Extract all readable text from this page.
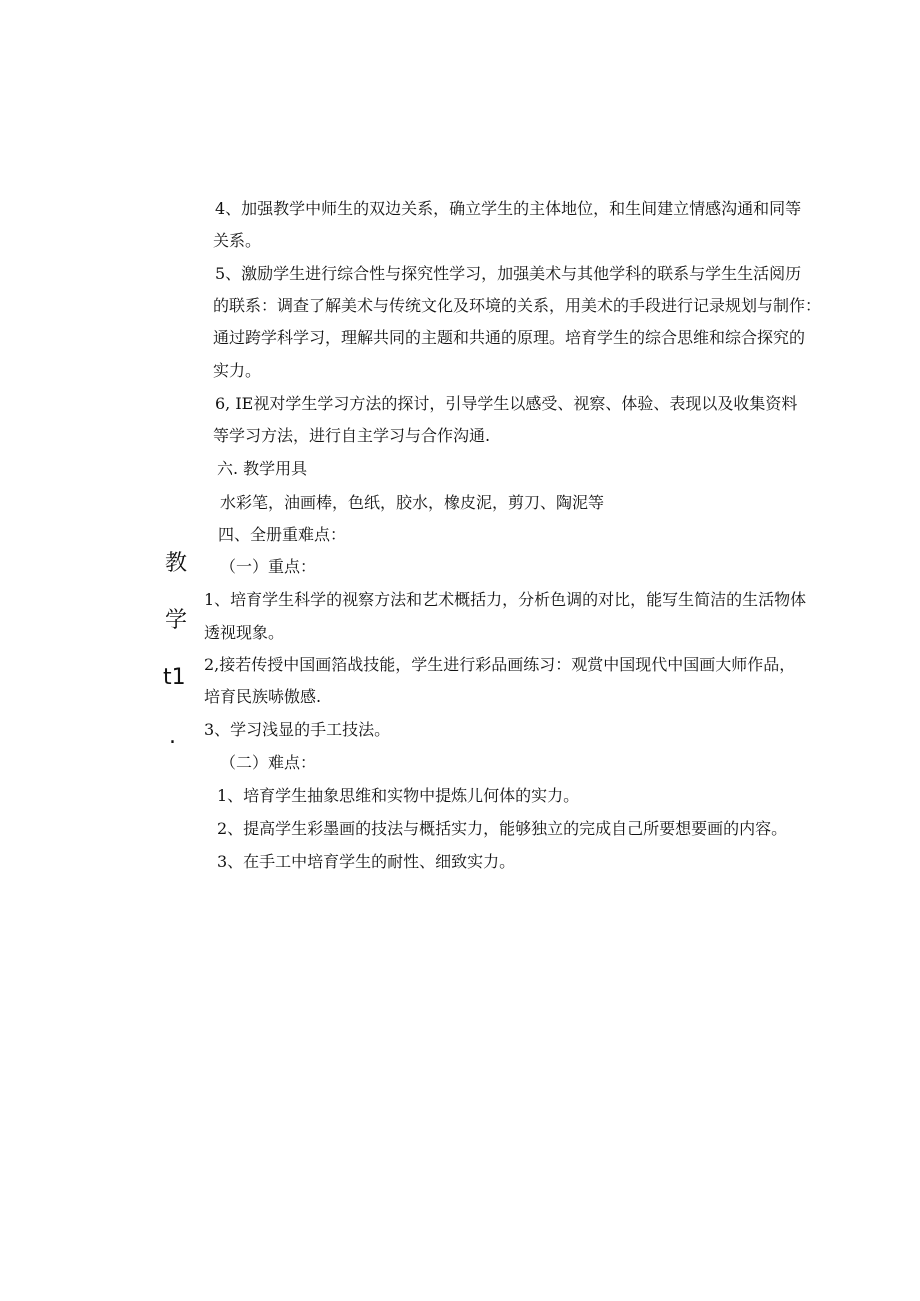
4、加强教学中师生的双边关系，确立学生的主体地位，和生间建立情感沟通和同等
关系。
5、激励学生进行综合性与探究性学习，加强美术与其他学科的联系与学生生活阅历
的联系：调查了解美术与传统文化及环境的关系，用美术的手段进行记录规划与制作：
通过跨学科学习，理解共同的主题和共通的原理。培育学生的综合思维和综合探究的
实力。
6, IE视对学生学习方法的探讨，引导学生以感受、视察、体验、表现以及收集资料
等学习方法，进行自主学习与合作沟通.
六. 教学用具
水彩笔，油画棒，色纸，胶水，橡皮泥，剪刀、陶泥等
四、全册重难点：
（一）重点：
1、培育学生科学的视察方法和艺术概括力，分析色调的对比，能写生简洁的生活物体
透视现象。
2,接若传授中国画箔战技能，学生进行彩品画练习：观赏中国现代中国画大师作品，
培育民族哧傲感.
3、学习浅显的手工技法。
（二）难点：
1、培育学生抽象思维和实物中提炼儿何体的实力。
2、提高学生彩墨画的技法与概括实力，能够独立的完成自己所要想要画的内容。
3、在手工中培育学生的耐性、细致实力。
教
学
t1
.
